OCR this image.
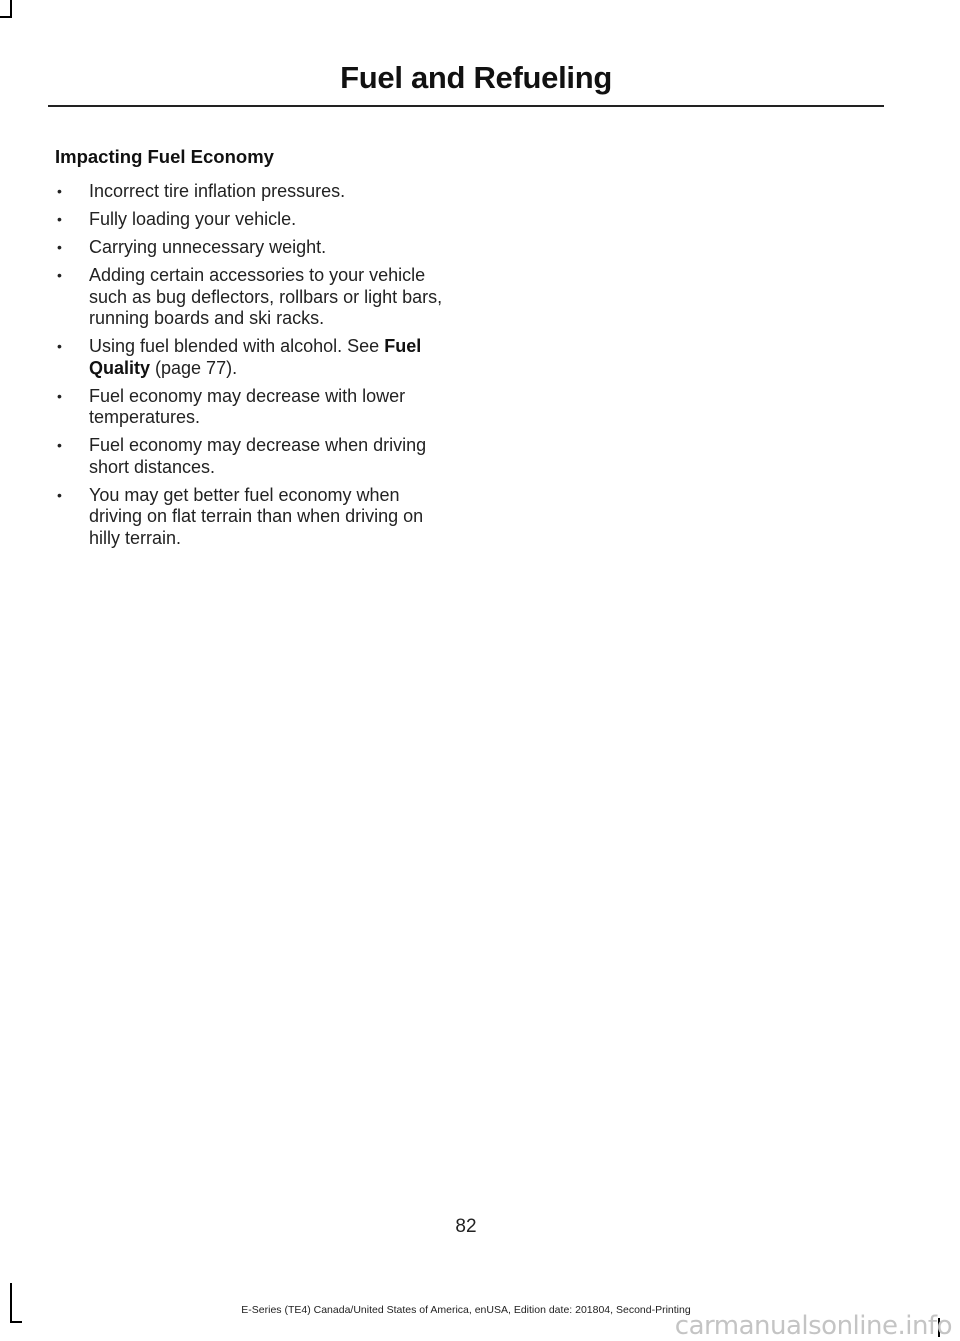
Fuel and Refueling
Impacting Fuel Economy
• Incorrect tire inflation pressures.
• Fully loading your vehicle.
• Carrying unnecessary weight.
• Adding certain accessories to your vehicle such as bug deflectors, rollbars or light bars, running boards and ski racks.
• Using fuel blended with alcohol. See Fuel Quality (page 77).
• Fuel economy may decrease with lower temperatures.
• Fuel economy may decrease when driving short distances.
• You may get better fuel economy when driving on flat terrain than when driving on hilly terrain.
82
E-Series (TE4) Canada/United States of America, enUSA, Edition date: 201804, Second-Printing
carmanualsonline.info
